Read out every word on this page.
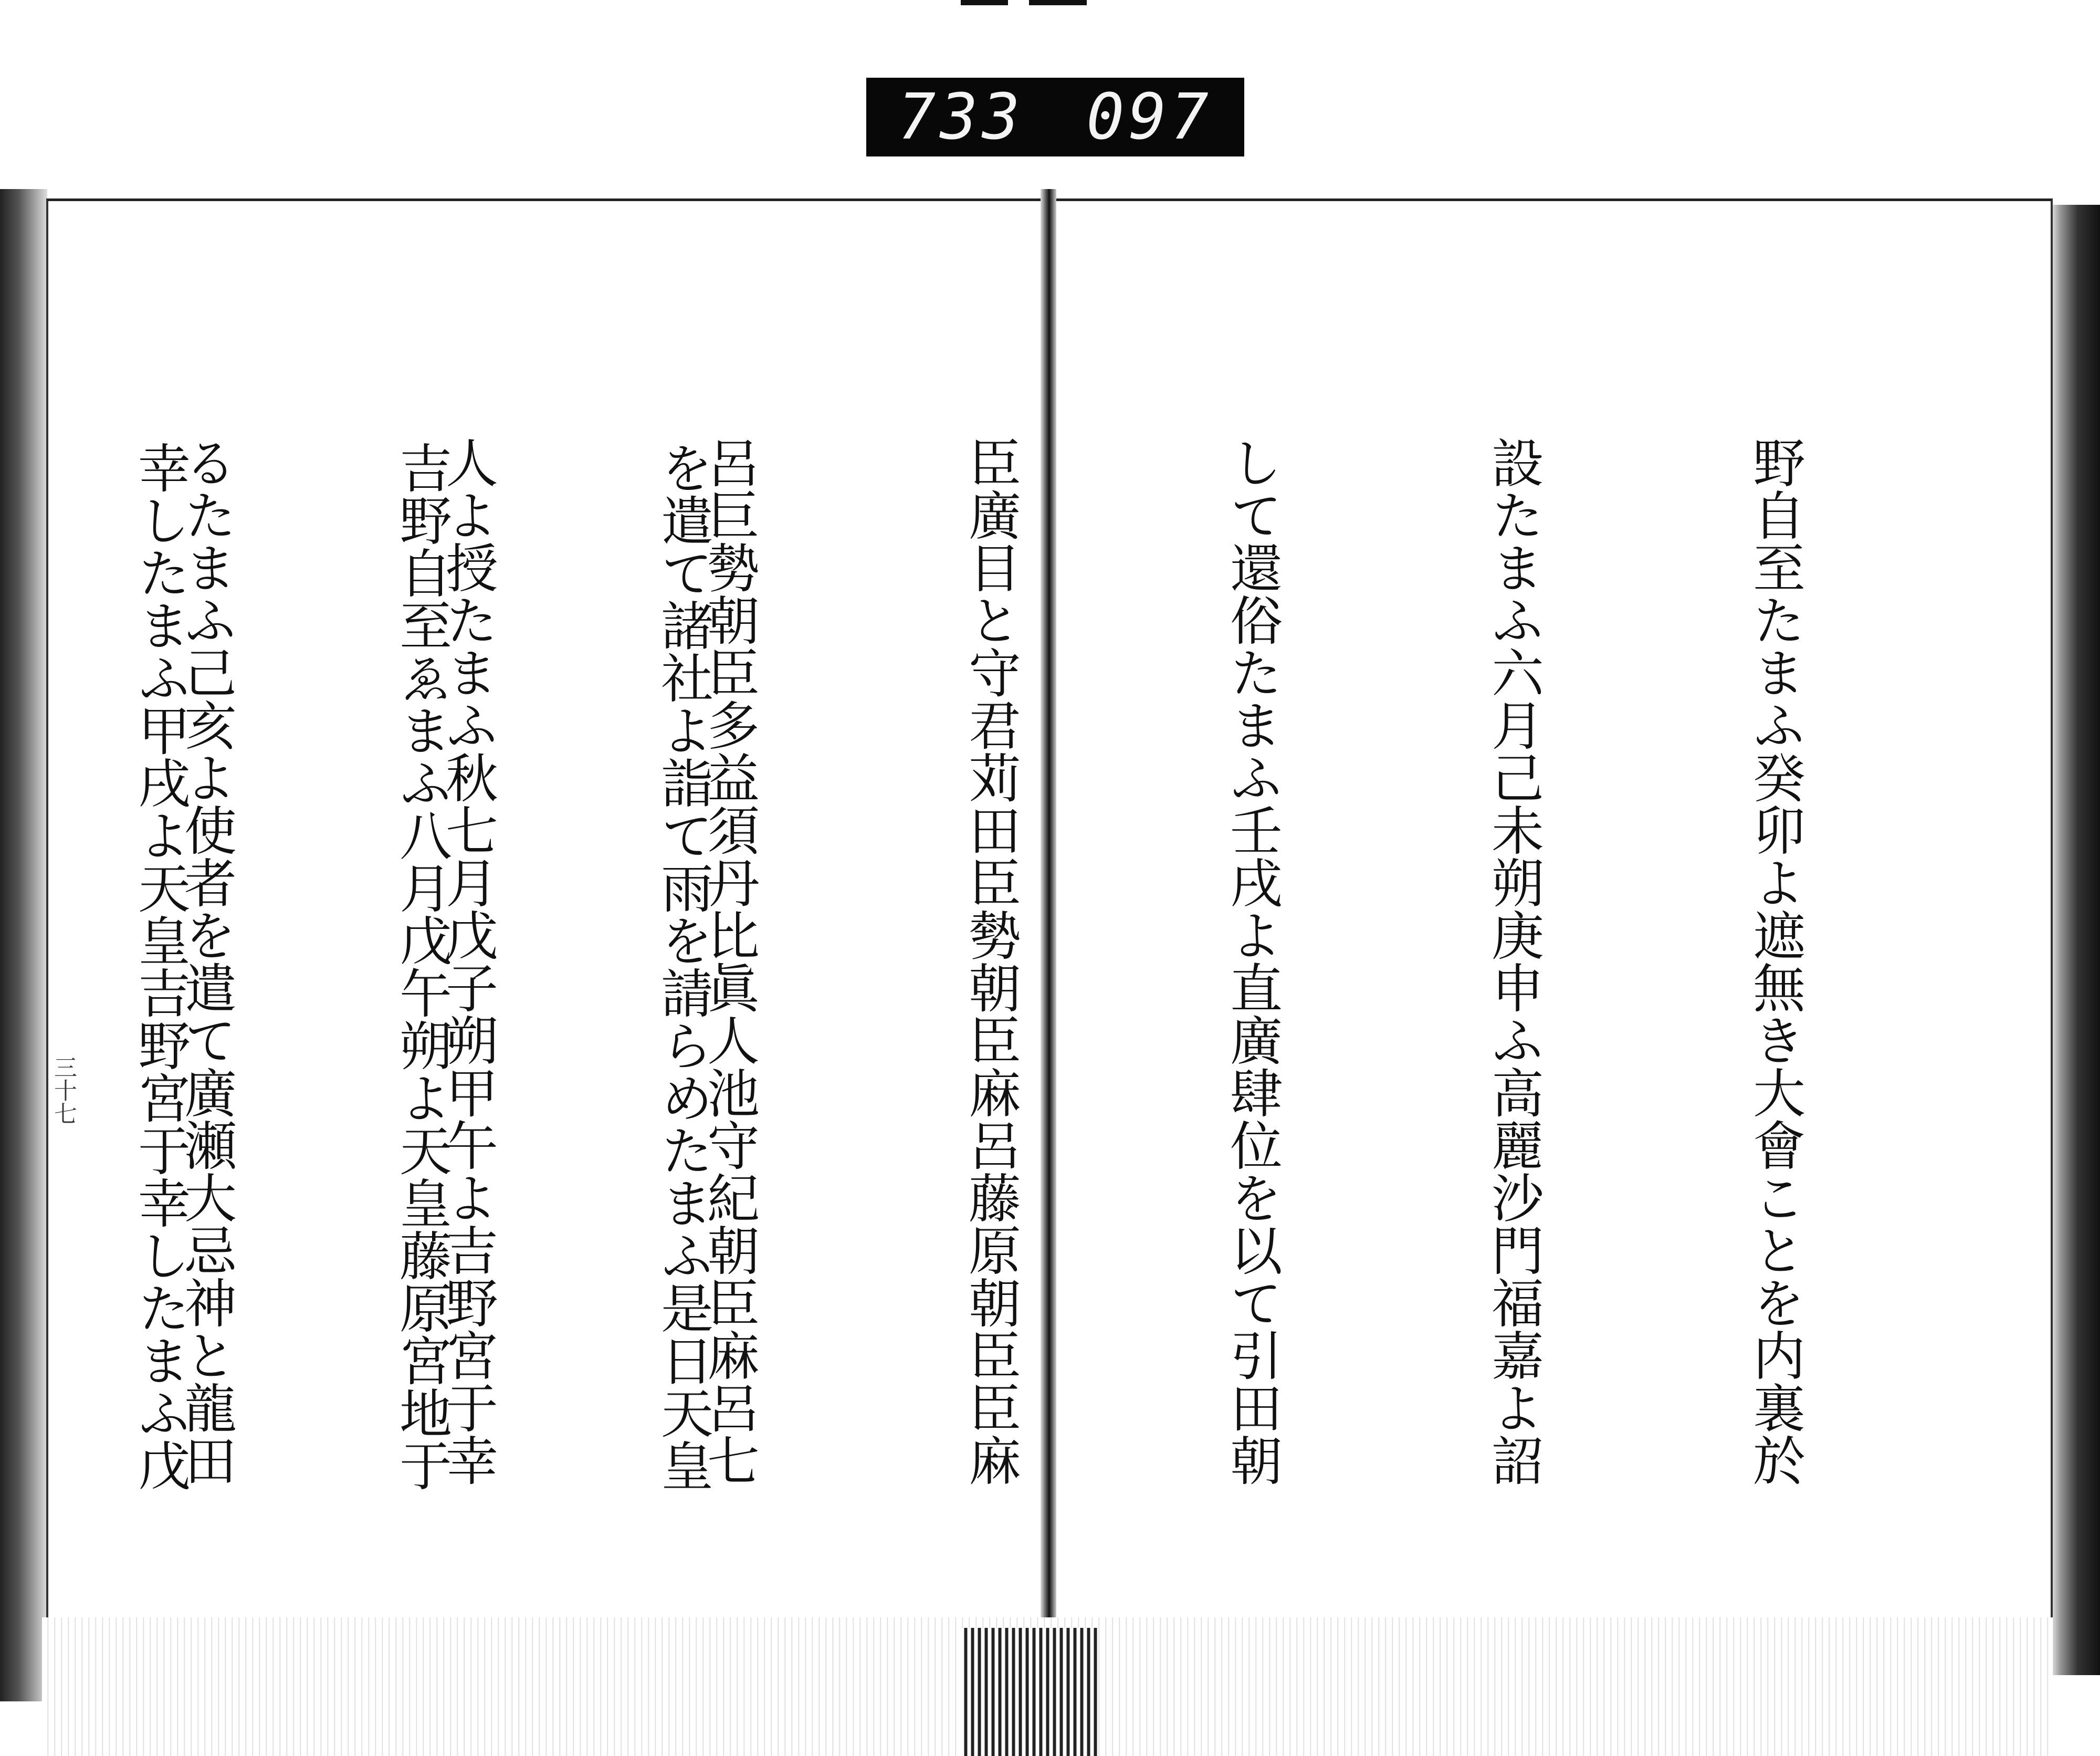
733 097
三十七

	野自至たまふ癸卯よ遮無き大會ことを内裏於

設たまふ六月己未朔庚申ふ高麗沙門福嘉よ詔

して還俗たまふ壬戌よ直廣肆位を以て引田朝

臣廣目と守君苅田臣勢朝臣麻呂藤原朝臣臣麻

呂巨勢朝臣多益須丹比眞人池守紀朝臣麻呂七

人よ授たまふ秋七月戊子朔甲午よ吉野宮于幸

るたまふ己亥よ使者を遣て廣瀬大忌神と龍田

	を遣て諸社よ詣て雨を請らめたまふ是日天皇

吉野自至ゑまふ八月戊午朔よ天皇藤原宮地于

幸したまふ甲戌よ天皇吉野宮于幸したまふ戊
